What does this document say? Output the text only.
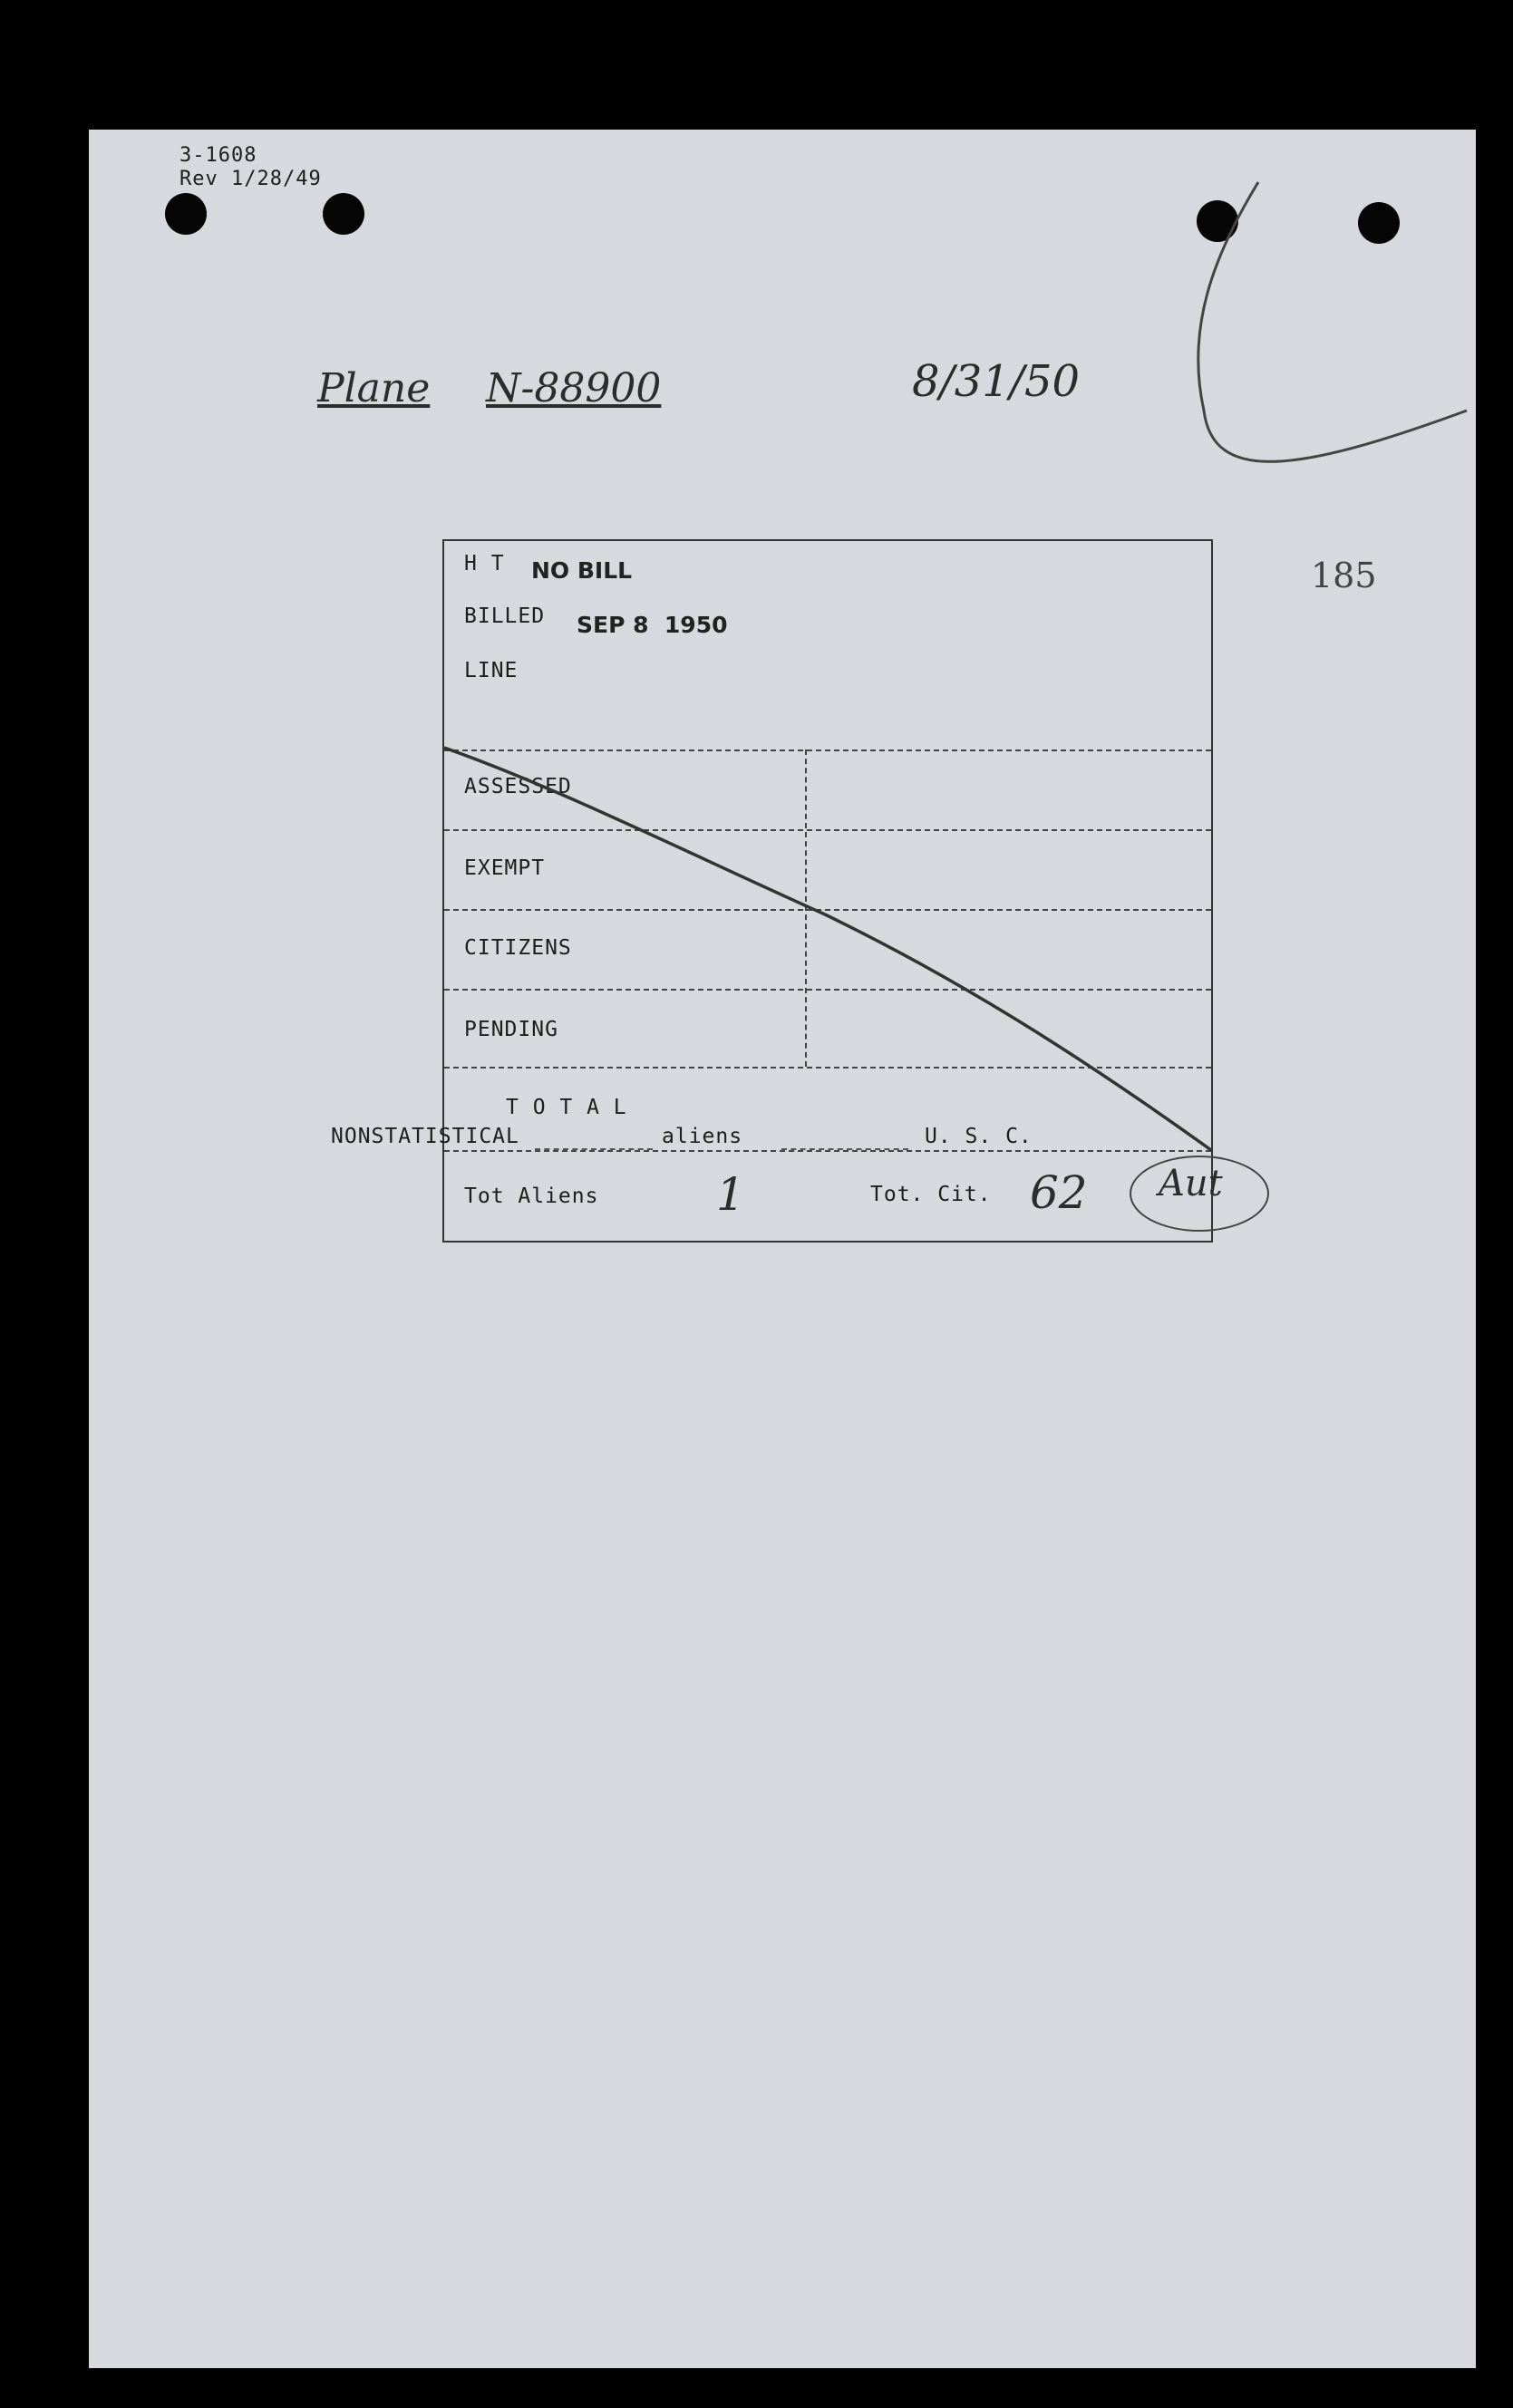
3-1608
Rev 1/28/49
185
Plane N-88900	8/31/50
H T NO BILL
BILLED SEP 8  1950
LINE
ASSESSED
EXEMPT
CITIZENS
PENDING
T O T A L
Tot Aliens	1	Tot. Cit. 62 Aut
NONSTATISTICAL	aliens	U. S. C.
